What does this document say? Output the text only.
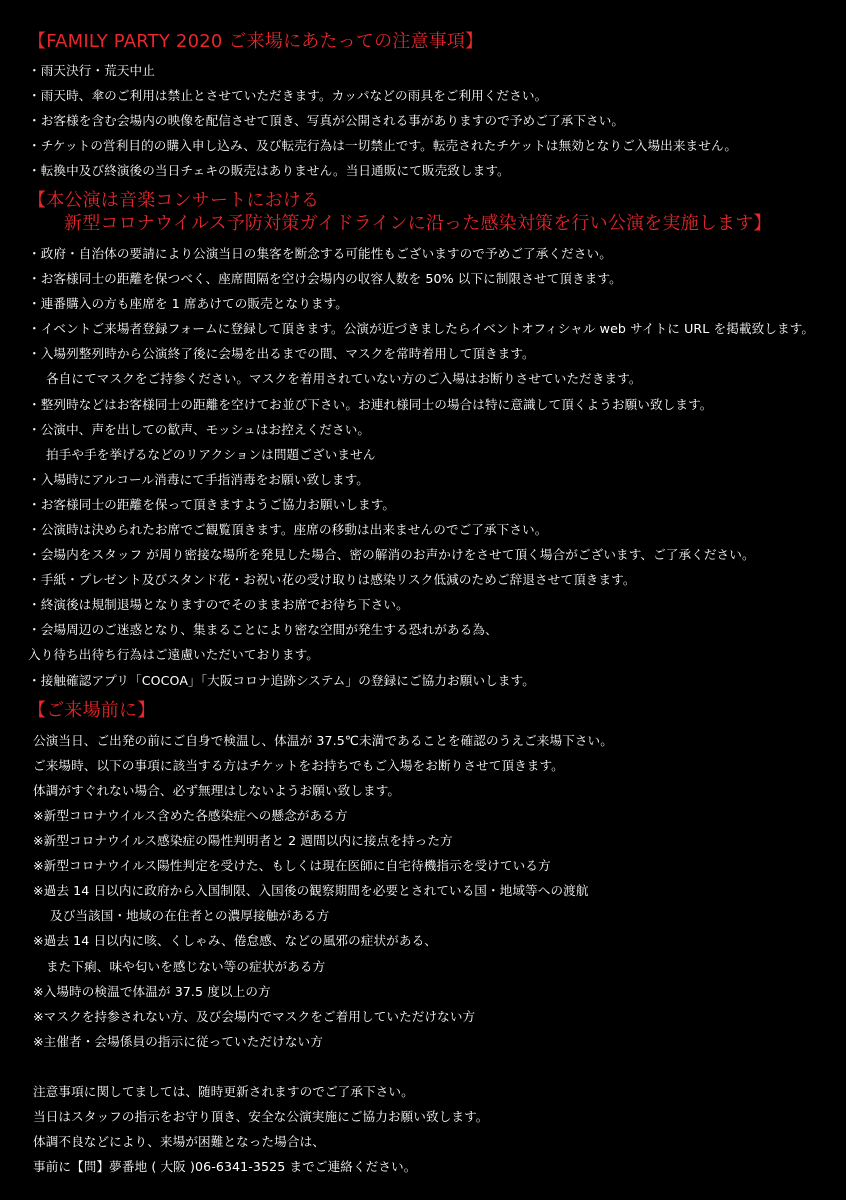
【FAMILY PARTY 2020 ご来場にあたっての注意事項】
・雨天決行・荒天中止
・雨天時、傘のご利用は禁止とさせていただきます。カッパなどの雨具をご利用ください。
・お客様を含む会場内の映像を配信させて頂き、写真が公開される事がありますので予めご了承下さい。
・チケットの営利目的の購入申し込み、及び転売行為は一切禁止です。転売されたチケットは無効となりご入場出来ません。
・転換中及び終演後の当日チェキの販売はありません。当日通販にて販売致します。
【本公演は音楽コンサートにおける
新型コロナウイルス予防対策ガイドラインに沿った感染対策を行い公演を実施します】
・政府・自治体の要請により公演当日の集客を断念する可能性もございますので予めご了承ください。
・お客様同士の距離を保つべく、座席間隔を空け会場内の収容人数を 50% 以下に制限させて頂きます。
・連番購入の方も座席を 1 席あけての販売となります。
・イベントご来場者登録フォームに登録して頂きます。公演が近づきましたらイベントオフィシャル web サイトに URL を掲載致します。
・入場列整列時から公演終了後に会場を出るまでの間、マスクを常時着用して頂きます。
各自にてマスクをご持参ください。マスクを着用されていない方のご入場はお断りさせていただきます。
・整列時などはお客様同士の距離を空けてお並び下さい。お連れ様同士の場合は特に意識して頂くようお願い致します。
・公演中、声を出しての歓声、モッシュはお控えください。
拍手や手を挙げるなどのリアクションは問題ございません
・入場時にアルコール消毒にて手指消毒をお願い致します。
・お客様同士の距離を保って頂きますようご協力お願いします。
・公演時は決められたお席でご観覧頂きます。座席の移動は出来ませんのでご了承下さい。
・会場内をスタッフ が周り密接な場所を発見した場合、密の解消のお声かけをさせて頂く場合がございます、ご了承ください。
・手紙・プレゼント及びスタンド花・お祝い花の受け取りは感染リスク低減のためご辞退させて頂きます。
・終演後は規制退場となりますのでそのままお席でお待ち下さい。
・会場周辺のご迷惑となり、集まることにより密な空間が発生する恐れがある為、
入り待ち出待ち行為はご遠慮いただいております。
・接触確認アプリ「COCOA」「大阪コロナ追跡システム」の登録にご協力お願いします。
【ご来場前に】
公演当日、ご出発の前にご自身で検温し、体温が 37.5℃未満であることを確認のうえご来場下さい。
ご来場時、以下の事項に該当する方はチケットをお持ちでもご入場をお断りさせて頂きます。
体調がすぐれない場合、必ず無理はしないようお願い致します。
※新型コロナウイルス含めた各感染症への懸念がある方
※新型コロナウイルス感染症の陽性判明者と 2 週間以内に接点を持った方
※新型コロナウイルス陽性判定を受けた、もしくは現在医師に自宅待機指示を受けている方
※過去 14 日以内に政府から入国制限、入国後の観察期間を必要とされている国・地域等への渡航
及び当該国・地域の在住者との濃厚接触がある方
※過去 14 日以内に咳、くしゃみ、倦怠感、などの風邪の症状がある、
また下痢、味や匂いを感じない等の症状がある方
※入場時の検温で体温が 37.5 度以上の方
※マスクを持参されない方、及び会場内でマスクをご着用していただけない方
※主催者・会場係員の指示に従っていただけない方
注意事項に関してましては、随時更新されますのでご了承下さい。
当日はスタッフの指示をお守り頂き、安全な公演実施にご協力お願い致します。
体調不良などにより、来場が困難となった場合は、
事前に【問】夢番地 ( 大阪 )06-6341-3525 までご連絡ください。
